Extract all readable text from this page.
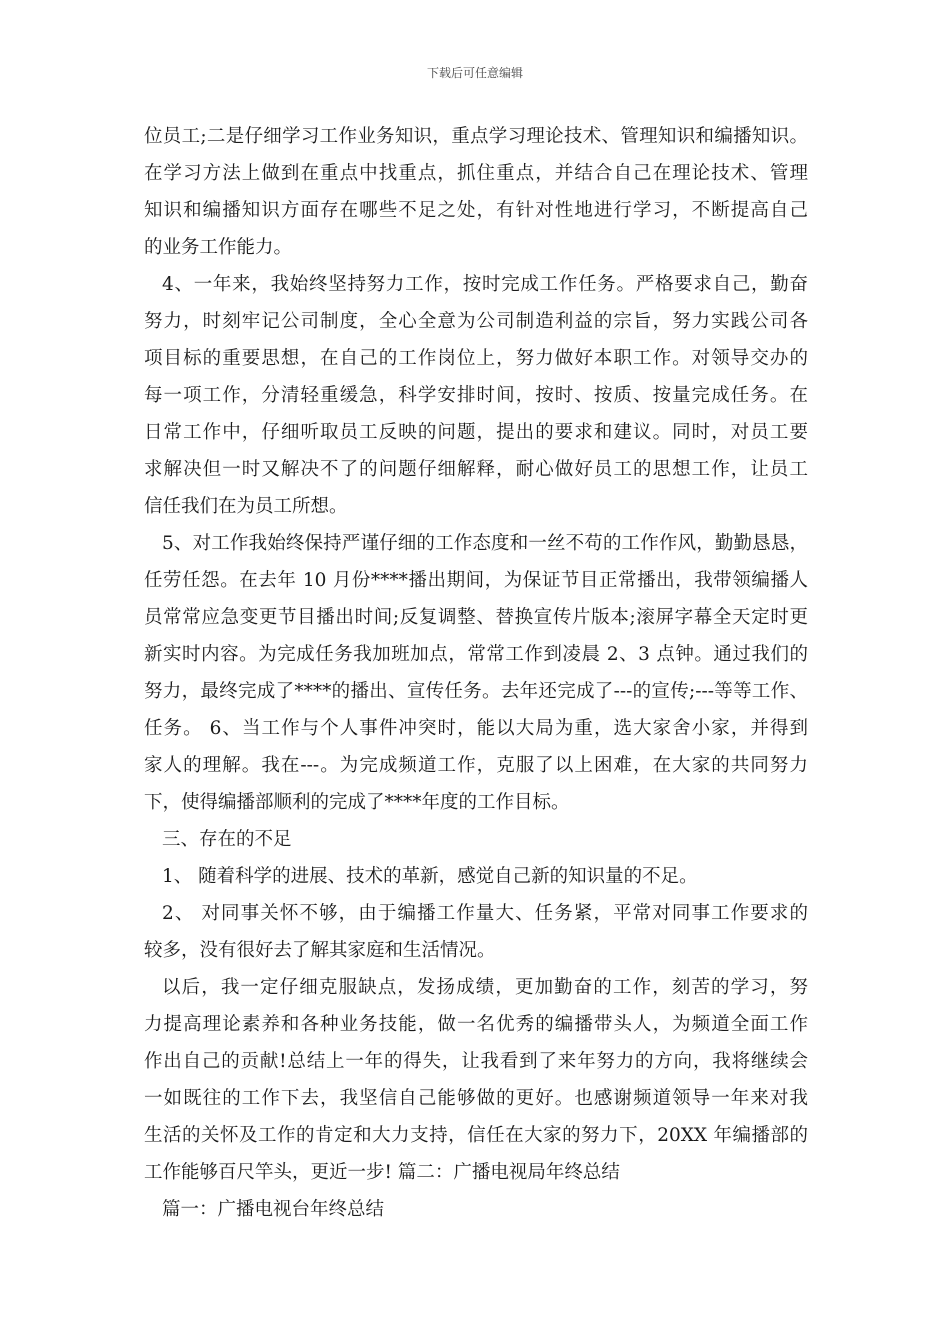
下载后可任意编辑
位员工;二是仔细学习工作业务知识，重点学习理论技术、管理知识和编播知识。
在学习方法上做到在重点中找重点，抓住重点，并结合自己在理论技术、管理
知识和编播知识方面存在哪些不足之处，有针对性地进行学习，不断提高自己
的业务工作能力。
4、一年来，我始终坚持努力工作，按时完成工作任务。严格要求自己，勤奋
努力，时刻牢记公司制度，全心全意为公司制造利益的宗旨，努力实践公司各
项目标的重要思想，在自己的工作岗位上，努力做好本职工作。对领导交办的
每一项工作，分清轻重缓急，科学安排时间，按时、按质、按量完成任务。在
日常工作中，仔细听取员工反映的问题，提出的要求和建议。同时，对员工要
求解决但一时又解决不了的问题仔细解释，耐心做好员工的思想工作，让员工
信任我们在为员工所想。
5、对工作我始终保持严谨仔细的工作态度和一丝不苟的工作作风，勤勤恳恳，
任劳任怨。在去年 10 月份****播出期间，为保证节目正常播出，我带领编播人
员常常应急变更节目播出时间;反复调整、替换宣传片版本;滚屏字幕全天定时更
新实时内容。为完成任务我加班加点，常常工作到凌晨 2、3 点钟。通过我们的
努力，最终完成了****的播出、宣传任务。去年还完成了---的宣传;---等等工作、
任务。 6、当工作与个人事件冲突时，能以大局为重，选大家舍小家，并得到
家人的理解。我在---。为完成频道工作，克服了以上困难，在大家的共同努力
下，使得编播部顺利的完成了****年度的工作目标。
三、存在的不足
1、 随着科学的进展、技术的革新，感觉自己新的知识量的不足。
2、 对同事关怀不够，由于编播工作量大、任务紧，平常对同事工作要求的
较多，没有很好去了解其家庭和生活情况。
以后，我一定仔细克服缺点，发扬成绩，更加勤奋的工作，刻苦的学习，努
力提高理论素养和各种业务技能，做一名优秀的编播带头人，为频道全面工作
作出自己的贡献!总结上一年的得失，让我看到了来年努力的方向，我将继续会
一如既往的工作下去，我坚信自己能够做的更好。也感谢频道领导一年来对我
生活的关怀及工作的肯定和大力支持，信任在大家的努力下，20XX 年编播部的
工作能够百尺竿头，更近一步! 篇二：广播电视局年终总结
篇一：广播电视台年终总结
